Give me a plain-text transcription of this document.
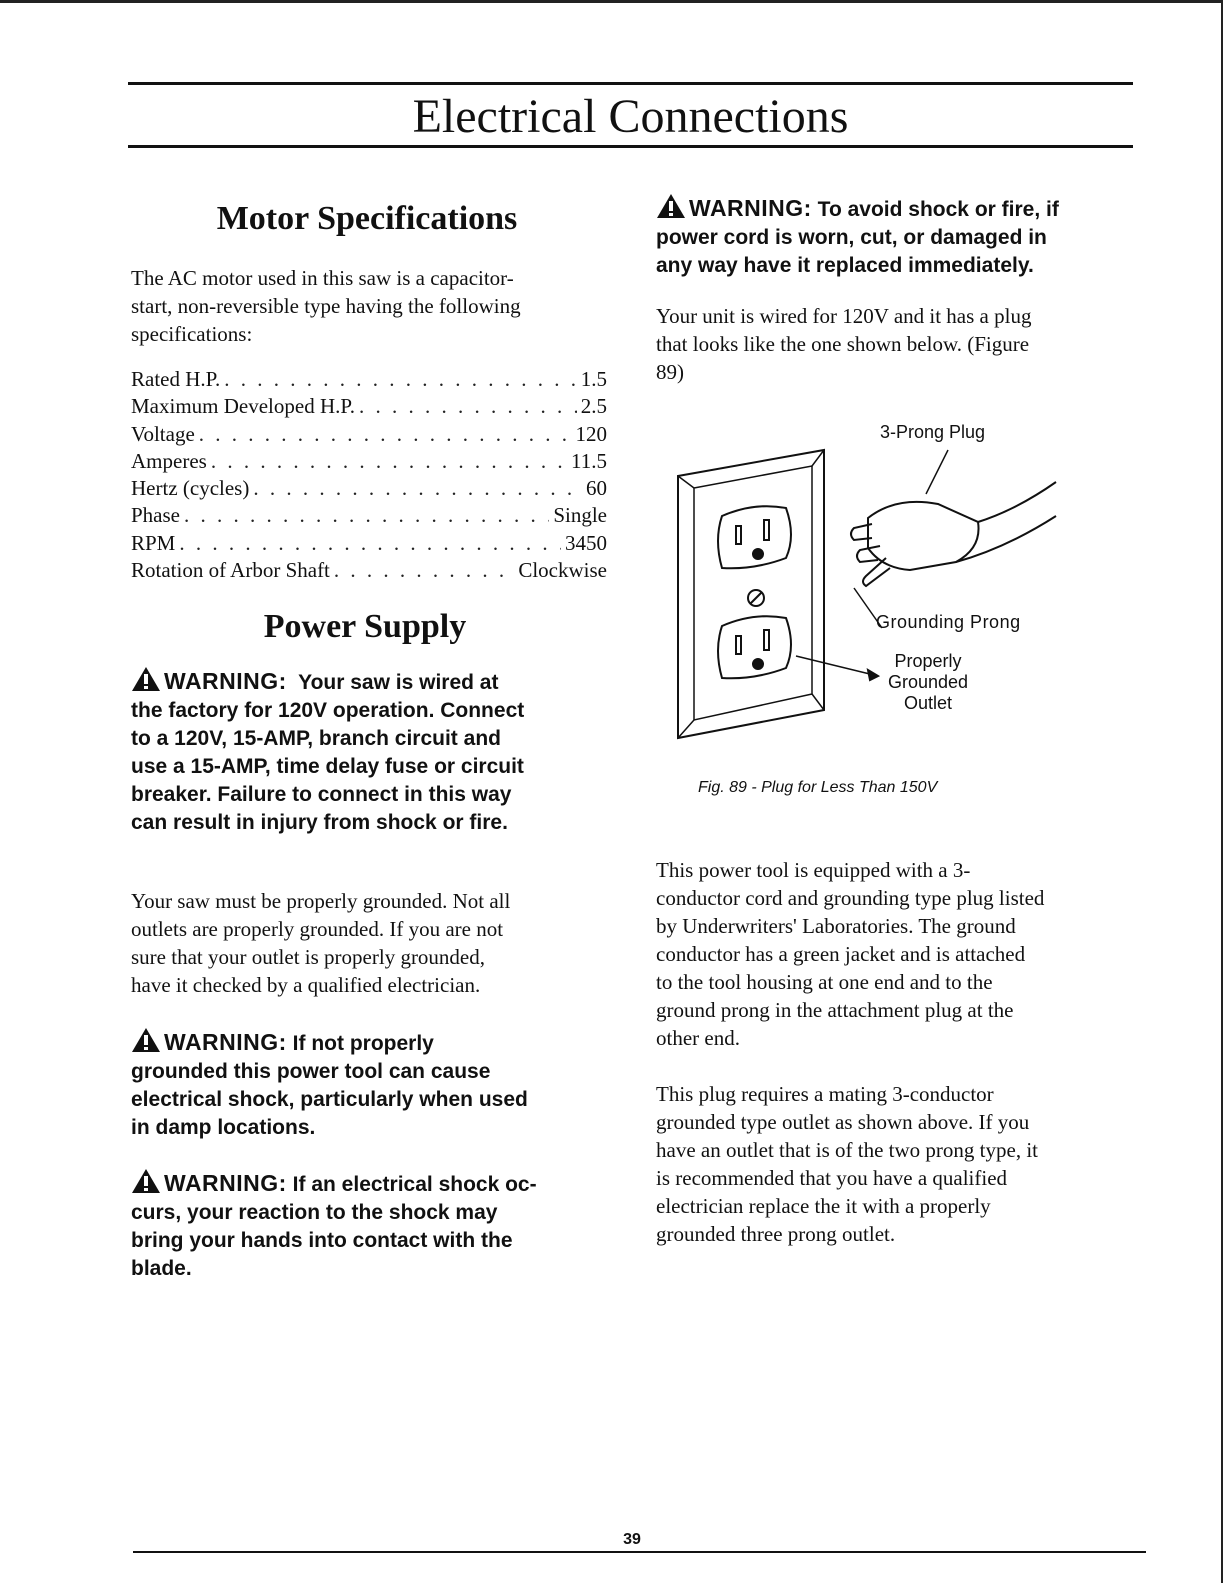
Electrical Connections
Motor Specifications

The AC motor used in this saw is a capacitor-

start, non-reversible type having the following

specifications:

Rated H.P. . . .	1.5
Maximum Developed H.P. . . .	2.5
Voltage . . .	120
Amperes . . .	11.5
Hertz (cycles) . . .	60
Phase . . .	Single
RPM . . .	3450
Rotation of Arbor Shaft . . .	Clockwise
Power Supply

WARNING: Your saw is wired at

the factory for 120V operation. Connect

to a 120V, 15-AMP, branch circuit and

use a 15-AMP, time delay fuse or circuit

breaker. Failure to connect in this way

can result in injury from shock or fire.

Your saw must be properly grounded. Not all

outlets are properly grounded. If you are not

sure that your outlet is properly grounded,

have it checked by a qualified electrician.

WARNING: If not properly

grounded this power tool can cause

electrical shock, particularly when used

in damp locations.

WARNING: If an electrical shock oc-

curs, your reaction to the shock may

bring your hands into contact with the

blade.

WARNING: To avoid shock or fire, if

power cord is worn, cut, or damaged in

any way have it replaced immediately.

Your unit is wired for 120V and it has a plug

that looks like the one shown below. (Figure

89)

3-Prong Plug
Grounding Prong
Properly
Grounded
Outlet
Fig. 89 - Plug for Less Than 150V

This power tool is equipped with a 3-

conductor cord and grounding type plug listed

by Underwriters' Laboratories. The ground

conductor has a green jacket and is attached

to the tool housing at one end and to the

ground prong in the attachment plug at the

other end.

This plug requires a mating 3-conductor

grounded type outlet as shown above. If you

have an outlet that is of the two prong type, it

is recommended that you have a qualified

electrician replace the it with a properly

grounded three prong outlet.

39
